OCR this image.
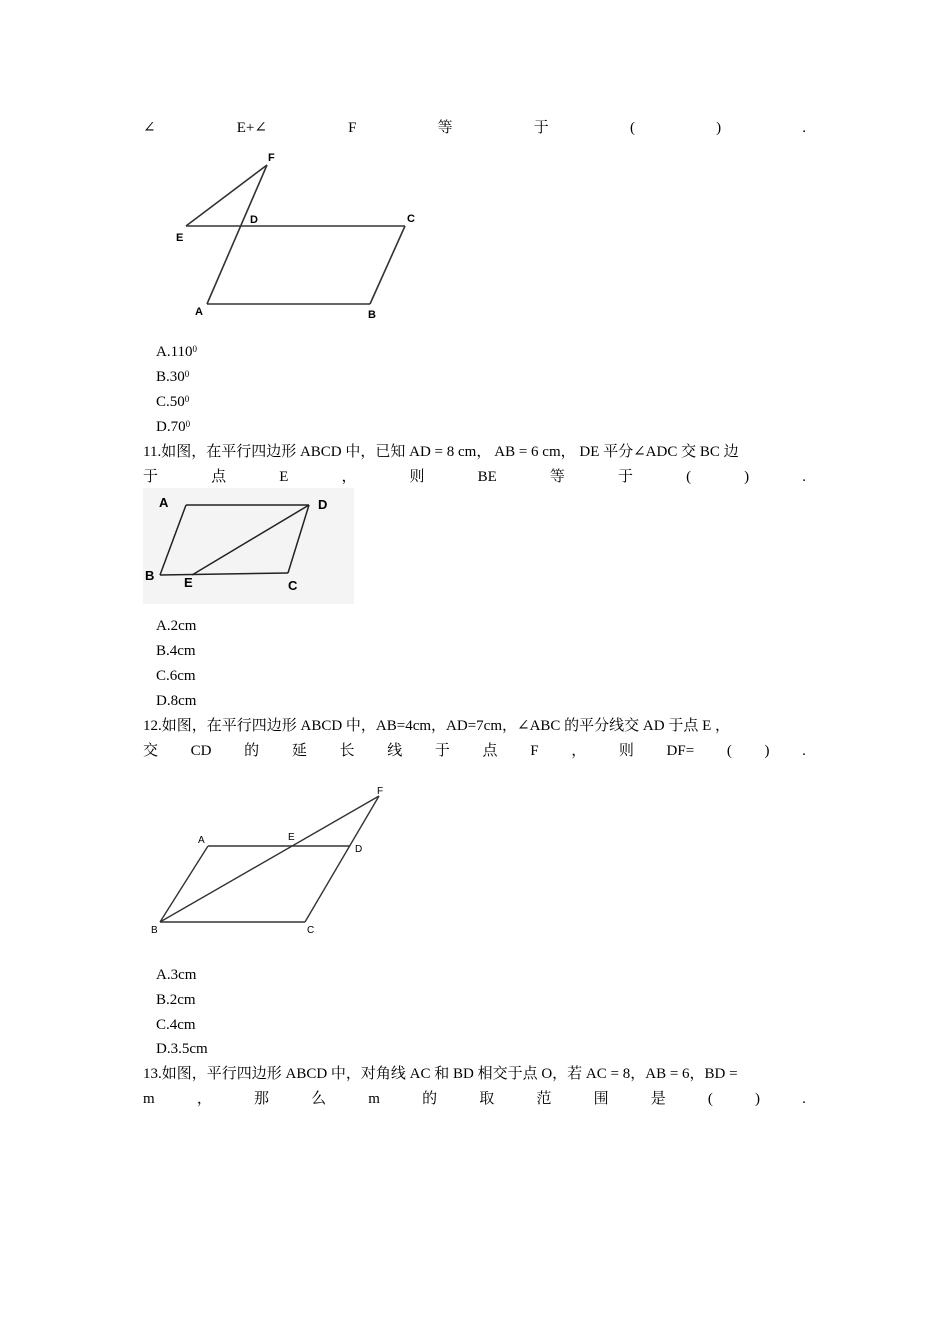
∠	E+∠	F	等	于	(	)	.
F
E
D	C
A	B
A.110$^0$
$B.30^0$
$C.50^0$
$D.70^0$
11.如图，在平行四边形 ABCD 中，已知 AD = 8 cm， AB = 6 cm， DE 平分∠ADC 交 BC 边
于	点	E	，	则	BE	等	于	(	)	.
A	D
B E	C
A.2cm
B.4cm
C.6cm
D.8cm
12.如图，在平行四边形 ABCD 中，AB=4cm，AD=7cm，∠ABC 的平分线交 AD 于点 E ，
交 CD 的 延 长 线 于 点 F ， 则 DF= ( ) .
F
A	E
D
B	C
A.3cm
B.2cm
C.4cm
D.3.5cm
13.如图，平行四边形 ABCD 中，对角线 AC 和 BD 相交于点 O，若 AC = 8，AB = 6，BD =
m	，	那	么	m	的	取	范	围	是	(	)	.
